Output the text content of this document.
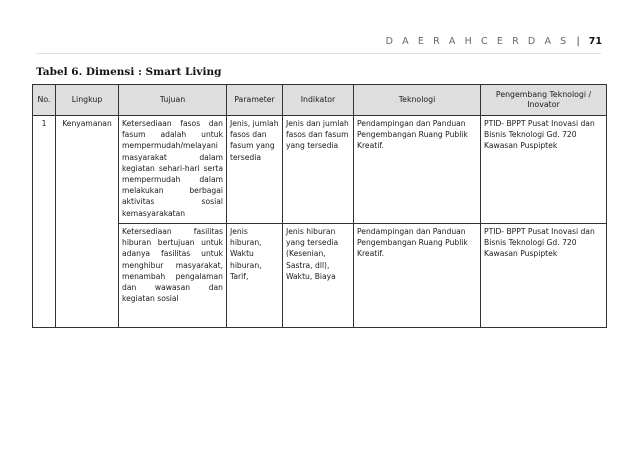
D A E R A H C E R D A S | 71
Tabel 6. Dimensi : Smart Living
No.	Lingkup	Tujuan	Parameter	Indikator	Teknologi	Pengembang Teknologi / Inovator
1	Kenyamanan	Ketersediaan fasos dan fasum adalah untuk mempermudah/melayani masyarakat dalam kegiatan sehari-hari serta mempermudah dalam melakukan berbagai aktivitas sosial kemasyarakatan	Jenis, jumlah fasos dan fasum yang tersedia	Jenis dan jumlah fasos dan fasum yang tersedia	Pendampingan dan Panduan Pengembangan Ruang Publik Kreatif.	PTID- BPPT Pusat Inovasi dan Bisnis Teknologi Gd. 720 Kawasan Puspiptek
		Ketersediaan fasilitas hiburan bertujuan untuk adanya fasilitas untuk menghibur masyarakat, menambah pengalaman dan wawasan dan kegiatan sosial	Jenis hiburan, Waktu hiburan, Tarif,	Jenis hiburan yang tersedia (Kesenian, Sastra, dll), Waktu, Biaya	Pendampingan dan Panduan Pengembangan Ruang Publik Kreatif.	PTID- BPPT Pusat Inovasi dan Bisnis Teknologi Gd. 720 Kawasan Puspiptek
